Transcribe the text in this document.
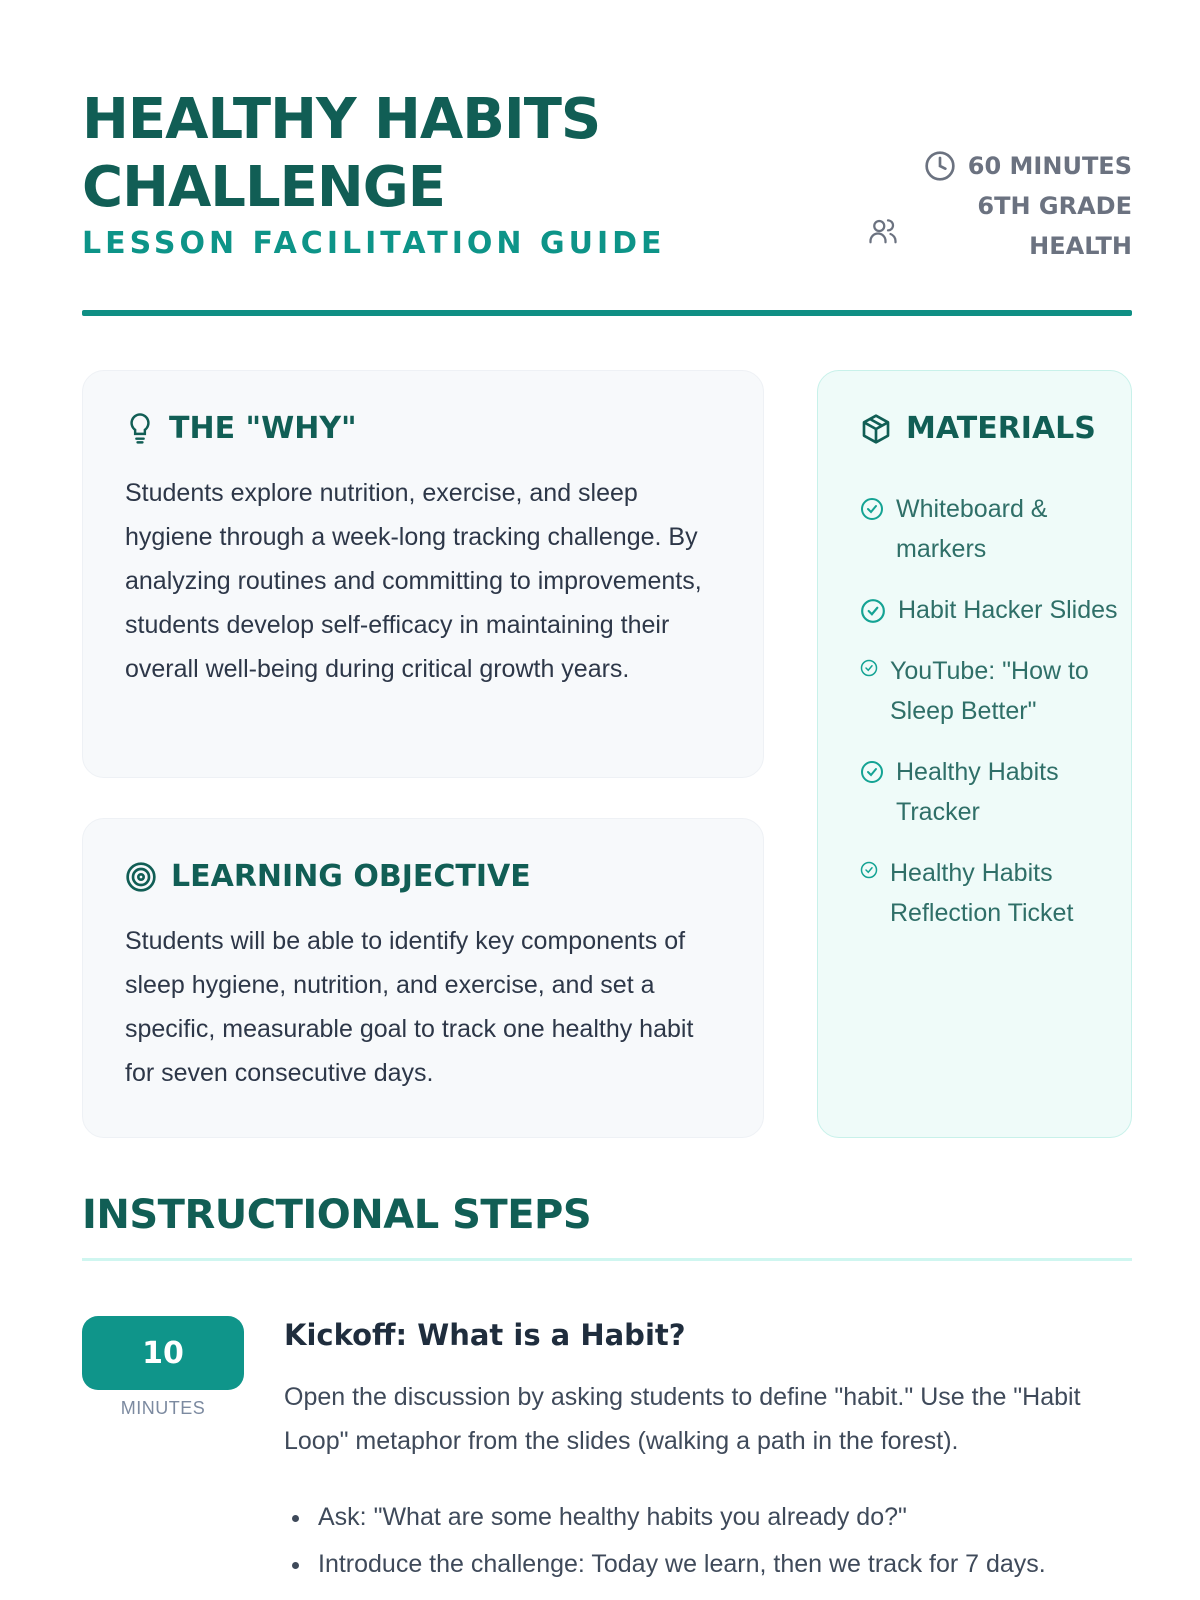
HEALTHY HABITS
CHALLENGE
LESSON FACILITATION GUIDE
60 MINUTES
6TH GRADE
HEALTH
THE "WHY"

Students explore nutrition, exercise, and sleep hygiene through a week-long tracking challenge. By analyzing routines and committing to improvements, students develop self-efficacy in maintaining their overall well-being during critical growth years.

LEARNING OBJECTIVE

Students will be able to identify key components of sleep hygiene, nutrition, and exercise, and set a specific, measurable goal to track one healthy habit for seven consecutive days.

MATERIALS
Whiteboard & markers
Habit Hacker Slides
YouTube: "How to Sleep Better"
Healthy Habits Tracker
Healthy Habits Reflection Ticket
INSTRUCTIONAL STEPS
10
MINUTES
Kickoff: What is a Habit?
Open the discussion by asking students to define "habit." Use the "Habit Loop" metaphor from the slides (walking a path in the forest).
Ask: "What are some healthy habits you already do?"
Introduce the challenge: Today we learn, then we track for 7 days.
